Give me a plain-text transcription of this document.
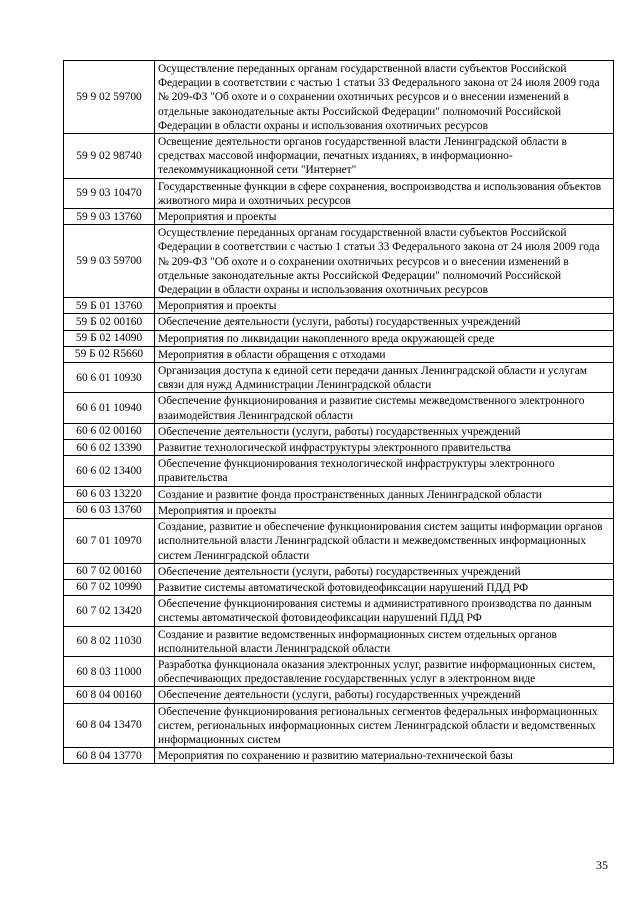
59 9 02 59700	Осуществление переданных органам государственной власти субъектов Российской Федерации в соответствии с частью 1 статьи 33 Федерального закона от 24 июля 2009 года № 209-ФЗ "Об охоте и о сохранении охотничьих ресурсов и о внесении изменений в отдельные законодательные акты Российской Федерации" полномочий Российской Федерации в области охраны и использования охотничьих ресурсов
59 9 02 98740	Освещение деятельности органов государственной власти Ленинградской области в средствах массовой информации, печатных изданиях, в информационно-телекоммуникационной сети "Интернет"
59 9 03 10470	Государственные функции в сфере сохранения, воспроизводства и использования объектов животного мира и охотничьих ресурсов
59 9 03 13760	Мероприятия и проекты
59 9 03 59700	Осуществление переданных органам государственной власти субъектов Российской Федерации в соответствии с частью 1 статьи 33 Федерального закона от 24 июля 2009 года № 209-ФЗ "Об охоте и о сохранении охотничьих ресурсов и о внесении изменений в отдельные законодательные акты Российской Федерации" полномочий Российской Федерации в области охраны и использования охотничьих ресурсов
59 Б 01 13760	Мероприятия и проекты
59 Б 02 00160	Обеспечение деятельности (услуги, работы) государственных учреждений
59 Б 02 14090	Мероприятия по ликвидации накопленного вреда окружающей среде
59 Б 02 R5660	Мероприятия в области обращения с отходами
60 6 01 10930	Организация доступа к единой сети передачи данных Ленинградской области и услугам связи для нужд Администрации Ленинградской области
60 6 01 10940	Обеспечение функционирования и развитие системы межведомственного электронного взаимодействия Ленинградской области
60 6 02 00160	Обеспечение деятельности (услуги, работы) государственных учреждений
60 6 02 13390	Развитие технологической инфраструктуры электронного правительства
60 6 02 13400	Обеспечение функционирования технологической инфраструктуры электронного правительства
60 6 03 13220	Создание и развитие фонда пространственных данных Ленинградской области
60 6 03 13760	Мероприятия и проекты
60 7 01 10970	Создание, развитие и обеспечение функционирования систем защиты информации органов исполнительной власти Ленинградской области и межведомственных информационных систем Ленинградской области
60 7 02 00160	Обеспечение деятельности (услуги, работы) государственных учреждений
60 7 02 10990	Развитие системы автоматической фотовидеофиксации нарушений ПДД РФ
60 7 02 13420	Обеспечение функционирования системы и административного производства по данным системы автоматической фотовидеофиксации нарушений ПДД РФ
60 8 02 11030	Создание и развитие ведомственных информационных систем отдельных органов исполнительной власти Ленинградской области
60 8 03 11000	Разработка функционала оказания электронных услуг, развитие информационных систем, обеспечивающих предоставление государственных услуг в электронном виде
60 8 04 00160	Обеспечение деятельности (услуги, работы) государственных учреждений
60 8 04 13470	Обеспечение функционирования региональных сегментов федеральных информационных систем, региональных информационных систем Ленинградской области и ведомственных информационных систем
60 8 04 13770	Мероприятия по сохранению и развитию материально-технической базы
35
